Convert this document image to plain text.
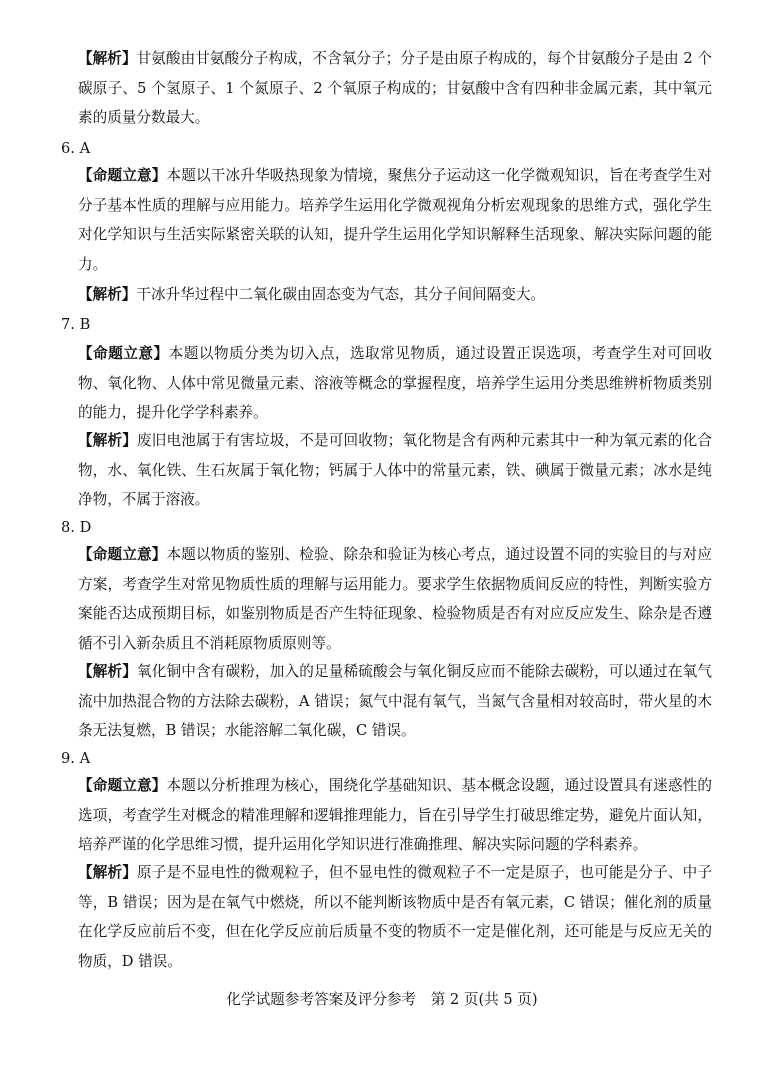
【解析】甘氨酸由甘氨酸分子构成，不含氧分子；分子是由原子构成的，每个甘氨酸分子是由 2 个碳原子、5 个氢原子、1 个氮原子、2 个氧原子构成的；甘氨酸中含有四种非金属元素，其中氧元素的质量分数最大。

6. A

【命题立意】本题以干冰升华吸热现象为情境，聚焦分子运动这一化学微观知识，旨在考查学生对分子基本性质的理解与应用能力。培养学生运用化学微观视角分析宏观现象的思维方式，强化学生对化学知识与生活实际紧密关联的认知，提升学生运用化学知识解释生活现象、解决实际问题的能力。

【解析】干冰升华过程中二氧化碳由固态变为气态，其分子间间隔变大。

7. B

【命题立意】本题以物质分类为切入点，选取常见物质，通过设置正误选项，考查学生对可回收物、氧化物、人体中常见微量元素、溶液等概念的掌握程度，培养学生运用分类思维辨析物质类别的能力，提升化学学科素养。

【解析】废旧电池属于有害垃圾，不是可回收物；氧化物是含有两种元素其中一种为氧元素的化合物，水、氧化铁、生石灰属于氧化物；钙属于人体中的常量元素，铁、碘属于微量元素；冰水是纯净物，不属于溶液。

8. D

【命题立意】本题以物质的鉴别、检验、除杂和验证为核心考点，通过设置不同的实验目的与对应方案，考查学生对常见物质性质的理解与运用能力。要求学生依据物质间反应的特性，判断实验方案能否达成预期目标，如鉴别物质是否产生特征现象、检验物质是否有对应反应发生、除杂是否遵循不引入新杂质且不消耗原物质原则等。

【解析】氧化铜中含有碳粉，加入的足量稀硫酸会与氧化铜反应而不能除去碳粉，可以通过在氧气流中加热混合物的方法除去碳粉，A 错误；氮气中混有氧气，当氮气含量相对较高时，带火星的木条无法复燃，B 错误；水能溶解二氧化碳，C 错误。

9. A

【命题立意】本题以分析推理为核心，围绕化学基础知识、基本概念设题，通过设置具有迷惑性的选项，考查学生对概念的精准理解和逻辑推理能力，旨在引导学生打破思维定势，避免片面认知，培养严谨的化学思维习惯，提升运用化学知识进行准确推理、解决实际问题的学科素养。

【解析】原子是不显电性的微观粒子，但不显电性的微观粒子不一定是原子，也可能是分子、中子等，B 错误；因为是在氧气中燃烧，所以不能判断该物质中是否有氧元素，C 错误；催化剂的质量在化学反应前后不变，但在化学反应前后质量不变的物质不一定是催化剂，还可能是与反应无关的物质，D 错误。

化学试题参考答案及评分参考　第 2 页(共 5 页)
